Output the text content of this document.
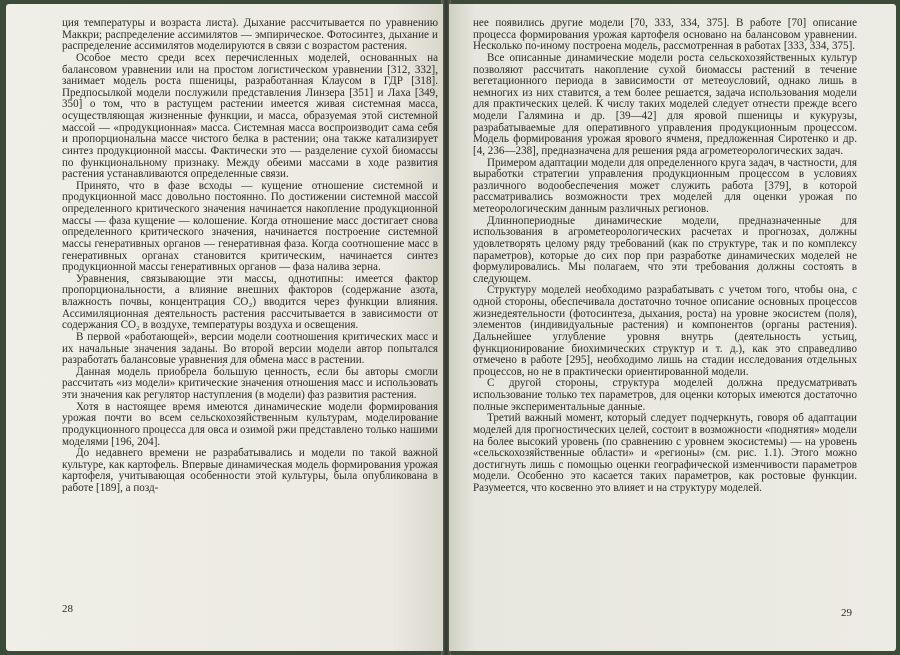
ция температуры и возраста листа). Дыхание рассчитывается по уравнению Маккри; распределение ассимилятов — эмпирическое. Фотосинтез, дыхание и распределение ассимилятов моделируются в связи с возрастом растения.

Особое место среди всех перечисленных моделей, основанных на балансовом уравнении или на простом логистическом уравнении [312, 332], занимает модель роста пшеницы, разработанная Клаусом в ГДР [318]. Предпосылкой модели послужили представления Линзера [351] и Лаха [349, 350] о том, что в растущем растении имеется живая системная масса, осуществляющая жизненные функции, и масса, образуемая этой системной массой — «продукционная» масса. Системная масса воспроизводит сама себя и пропорциональна массе чистого белка в растении; она также катализирует синтез продукционной массы. Фактически это — разделение сухой биомассы по функциональному признаку. Между обеими массами в ходе развития растения устанавливаются определенные связи.

Принято, что в фазе всходы — кущение отношение системной и продукционной масс довольно постоянно. По достижении системной массой определенного критического значения начинается накопление продукционной массы — фаза кущение — колошение. Когда отношение масс достигает снова определенного критического значения, начинается построение системной массы генеративных органов — генеративная фаза. Когда соотношение масс в генеративных органах становится критическим, начинается синтез продукционной массы генеративных органов — фаза налива зерна.

Уравнения, связывающие эти массы, однотипны: имеется фактор пропорциональности, а влияние внешних факторов (содержание азота, влажность почвы, концентрация CO₂) вводится через функции влияния. Ассимиляционная деятельность растения рассчитывается в зависимости от содержания CO₂ в воздухе, температуры воздуха и освещения.

В первой «работающей», версии модели соотношения критических масс и их начальные значения заданы. Во второй версии модели автор попытался разработать балансовые уравнения для обмена масс в растении.

Данная модель приобрела бо́льшую ценность, если бы авторы смогли рассчитать «из модели» критические значения отношения масс и использовать эти значения как регулятор наступления (в модели) фаз развития растения.

Хотя в настоящее время имеются динамические модели формирования урожая почти во всем сельскохозяйственным культурам, моделирование продукционного процесса для овса и озимой ржи представлено только нашими моделями [196, 204].

До недавнего времени не разрабатывались и модели по такой важной культуре, как картофель. Впервые динамическая модель формирования урожая картофеля, учитывающая особенности этой культуры, была опубликована в работе [189], а позд-

28

нее появились другие модели [70, 333, 334, 375]. В работе [70] описание процесса формирования урожая картофеля основано на балансовом уравнении. Несколько по-иному построена модель, рассмотренная в работах [333, 334, 375].

Все описанные динамические модели роста сельскохозяйственных культур позволяют рассчитать накопление сухой биомассы растений в течение вегетационного периода в зависимости от метеоусловий, однако лишь в немногих из них ставится, а тем более решается, задача использования модели для практических целей. К числу таких моделей следует отнести прежде всего модели Галямина и др. [39—42] для яровой пшеницы и кукурузы, разрабатываемые для оперативного управления продукционным процессом. Модель формирования урожая ярового ячменя, предложенная Сиротенко и др. [4, 236—238], предназначена для решения ряда агрометеорологических задач.

Примером адаптации модели для определенного круга задач, в частности, для выработки стратегии управления продукционным процессом в условиях различного водообеспечения может служить работа [379], в которой рассматривались возможности трех моделей для оценки урожая по метеорологическим данным различных регионов.

Длиннопериодные динамические модели, предназначенные для использования в агрометеорологических расчетах и прогнозах, должны удовлетворять целому ряду требований (как по структуре, так и по комплексу параметров), которые до сих пор при разработке динамических моделей не формулировались. Мы полагаем, что эти требования должны состоять в следующем.

Структуру моделей необходимо разрабатывать с учетом того, чтобы она, с одной стороны, обеспечивала достаточно точное описание основных процессов жизнедеятельности (фотосинтеза, дыхания, роста) на уровне экосистем (поля), элементов (индивидуальные растения) и компонентов (органы растения). Дальнейшее углубление уровня внутрь (деятельность устьиц, функционирование биохимических структур и т. д.), как это справедливо отмечено в работе [295], необходимо лишь на стадии исследования отдельных процессов, но не в практически ориентированной модели.

С другой стороны, структура моделей должна предусматривать использование только тех параметров, для оценки которых имеются достаточно полные экспериментальные данные.

Третий важный момент, который следует подчеркнуть, говоря об адаптации моделей для прогностических целей, состоит в возможности «поднятия» модели на более высокий уровень (по сравнению с уровнем экосистемы) — на уровень «сельскохозяйственные области» и «регионы» (см. рис. 1.1). Этого можно достигнуть лишь с помощью оценки географической изменчивости параметров модели. Особенно это касается таких параметров, как ростовые функции. Разумеется, что косвенно это влияет и на структуру моделей.

29
